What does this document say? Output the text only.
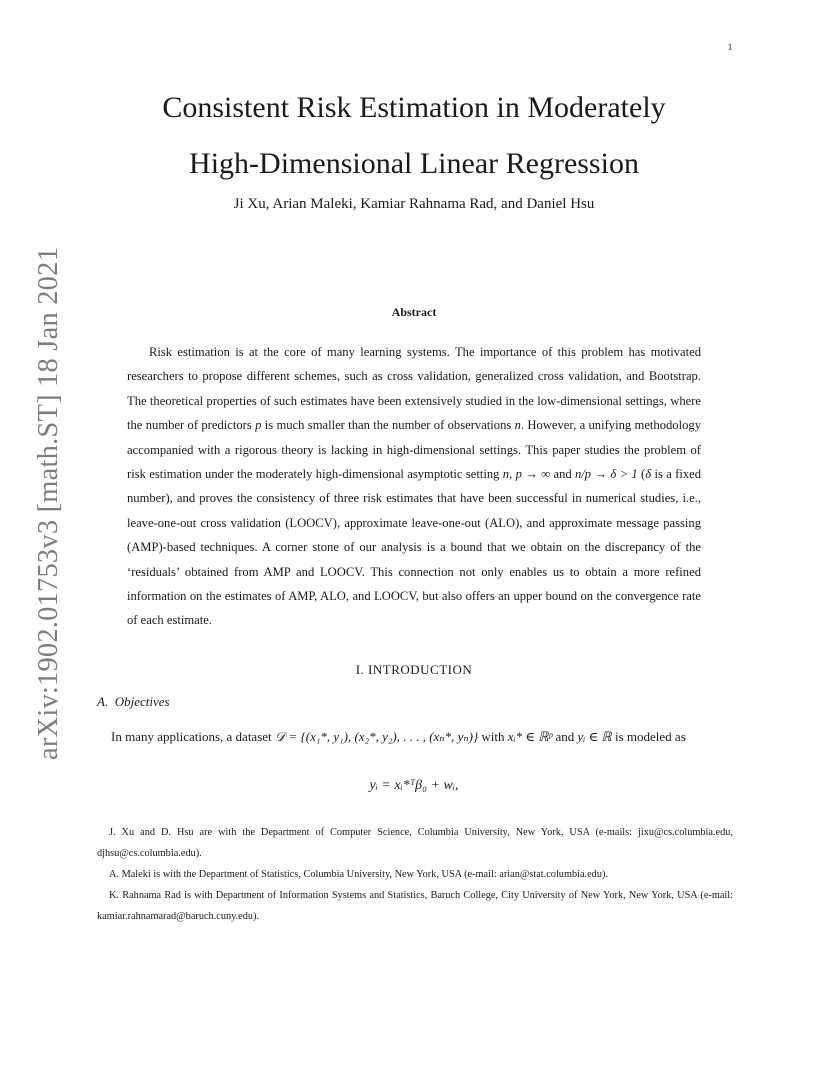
1
arXiv:1902.01753v3 [math.ST] 18 Jan 2021
Consistent Risk Estimation in Moderately
High-Dimensional Linear Regression
Ji Xu, Arian Maleki, Kamiar Rahnama Rad, and Daniel Hsu
Abstract
Risk estimation is at the core of many learning systems. The importance of this problem has motivated researchers to propose different schemes, such as cross validation, generalized cross validation, and Bootstrap. The theoretical properties of such estimates have been extensively studied in the low-dimensional settings, where the number of predictors p is much smaller than the number of observations n. However, a unifying methodology accompanied with a rigorous theory is lacking in high-dimensional settings. This paper studies the problem of risk estimation under the moderately high-dimensional asymptotic setting n, p → ∞ and n/p → δ > 1 (δ is a fixed number), and proves the consistency of three risk estimates that have been successful in numerical studies, i.e., leave-one-out cross validation (LOOCV), approximate leave-one-out (ALO), and approximate message passing (AMP)-based techniques. A corner stone of our analysis is a bound that we obtain on the discrepancy of the ‘residuals’ obtained from AMP and LOOCV. This connection not only enables us to obtain a more refined information on the estimates of AMP, ALO, and LOOCV, but also offers an upper bound on the convergence rate of each estimate.
I. INTRODUCTION
A. Objectives
In many applications, a dataset 𝒟 = {(x₁*, y₁), (x₂*, y₂), . . . , (xₙ*, yₙ)} with xᵢ* ∈ ℝᵖ and yᵢ ∈ ℝ is modeled as
yᵢ = xᵢ*ᵀβ₀ + wᵢ,

J. Xu and D. Hsu are with the Department of Computer Science, Columbia University, New York, USA (e-mails: jixu@cs.columbia.edu, djhsu@cs.columbia.edu).

A. Maleki is with the Department of Statistics, Columbia University, New York, USA (e-mail: arian@stat.columbia.edu).

K. Rahnama Rad is with Department of Information Systems and Statistics, Baruch College, City University of New York, New York, USA (e-mail: kamiar.rahnamarad@baruch.cuny.edu).
